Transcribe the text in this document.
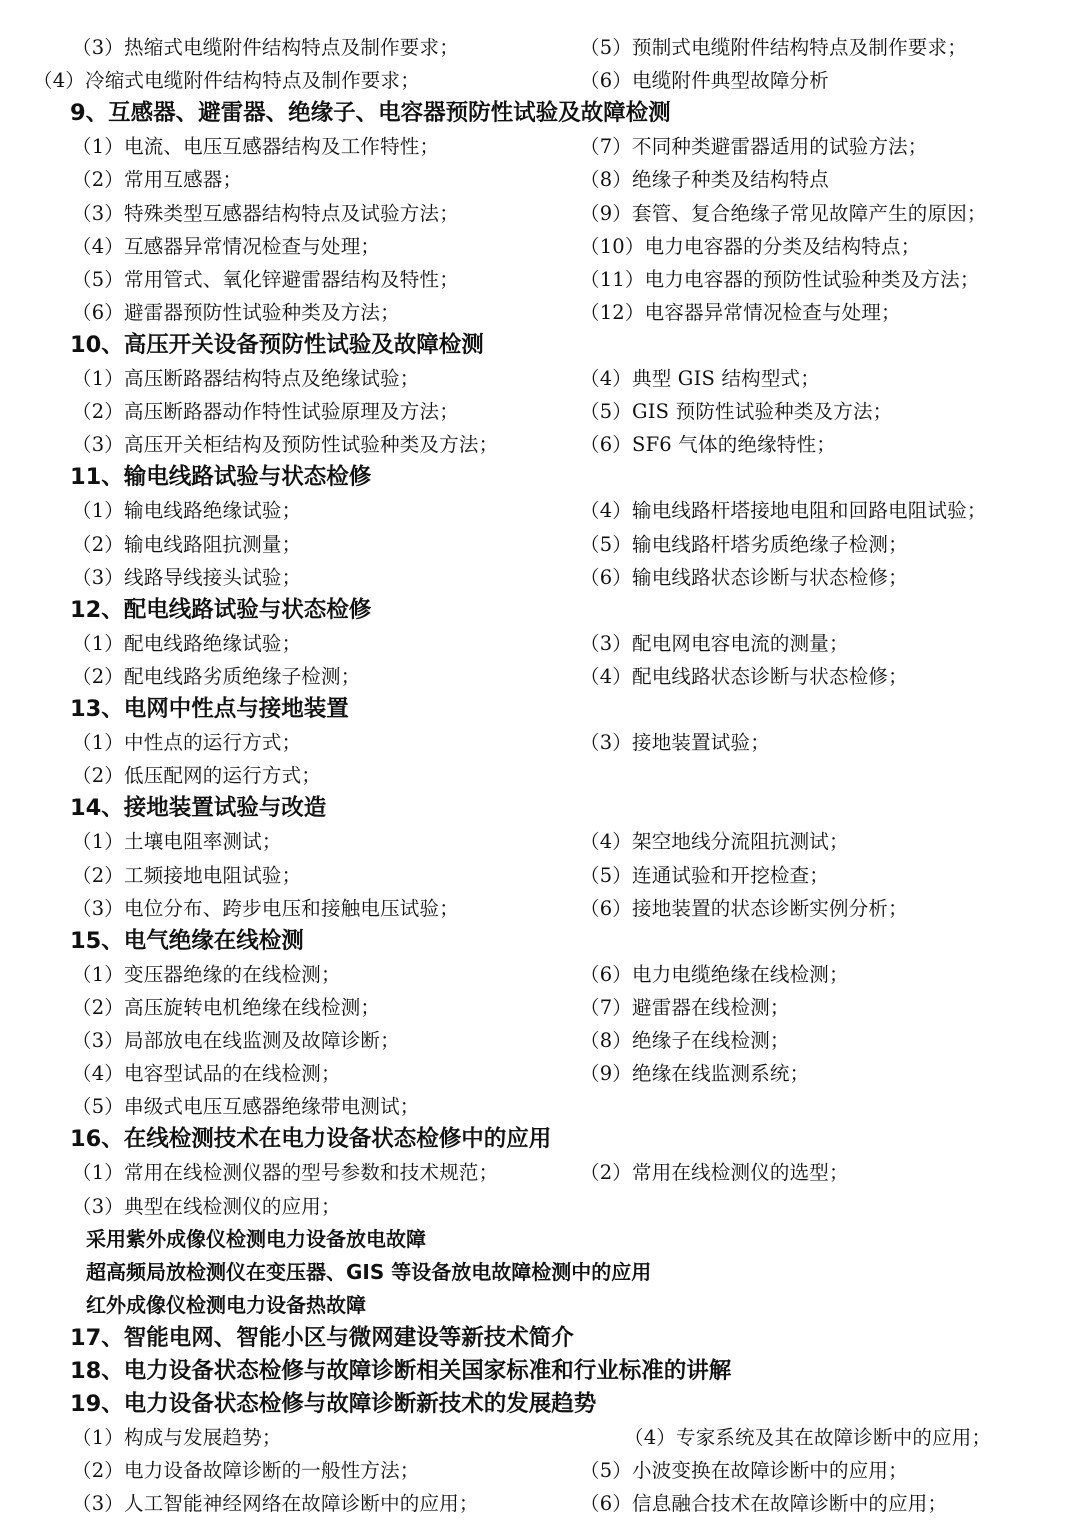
（3）热缩式电缆附件结构特点及制作要求；	（5）预制式电缆附件结构特点及制作要求；
（4）冷缩式电缆附件结构特点及制作要求；	（6）电缆附件典型故障分析
9、互感器、避雷器、绝缘子、电容器预防性试验及故障检测
（1）电流、电压互感器结构及工作特性；	（7）不同种类避雷器适用的试验方法；
（2）常用互感器；	（8）绝缘子种类及结构特点
（3）特殊类型互感器结构特点及试验方法；	（9）套管、复合绝缘子常见故障产生的原因；
（4）互感器异常情况检查与处理；	（10）电力电容器的分类及结构特点；
（5）常用管式、氧化锌避雷器结构及特性；	（11）电力电容器的预防性试验种类及方法；
（6）避雷器预防性试验种类及方法；	（12）电容器异常情况检查与处理；
10、高压开关设备预防性试验及故障检测
（1）高压断路器结构特点及绝缘试验；	（4）典型 GIS 结构型式；
（2）高压断路器动作特性试验原理及方法；	（5）GIS 预防性试验种类及方法；
（3）高压开关柜结构及预防性试验种类及方法；	（6）SF6 气体的绝缘特性；
11、输电线路试验与状态检修
（1）输电线路绝缘试验；	（4）输电线路杆塔接地电阻和回路电阻试验；
（2）输电线路阻抗测量；	（5）输电线路杆塔劣质绝缘子检测；
（3）线路导线接头试验；	（6）输电线路状态诊断与状态检修；
12、配电线路试验与状态检修
（1）配电线路绝缘试验；	（3）配电网电容电流的测量；
（2）配电线路劣质绝缘子检测；	（4）配电线路状态诊断与状态检修；
13、电网中性点与接地装置
（1）中性点的运行方式；	（3）接地装置试验；
（2）低压配网的运行方式；
14、接地装置试验与改造
（1）土壤电阻率测试；	（4）架空地线分流阻抗测试；
（2）工频接地电阻试验；	（5）连通试验和开挖检查；
（3）电位分布、跨步电压和接触电压试验；	（6）接地装置的状态诊断实例分析；
15、电气绝缘在线检测
（1）变压器绝缘的在线检测；	（6）电力电缆绝缘在线检测；
（2）高压旋转电机绝缘在线检测；	（7）避雷器在线检测；
（3）局部放电在线监测及故障诊断；	（8）绝缘子在线检测；
（4）电容型试品的在线检测；	（9）绝缘在线监测系统；
（5）串级式电压互感器绝缘带电测试；
16、在线检测技术在电力设备状态检修中的应用
（1）常用在线检测仪器的型号参数和技术规范；	（2）常用在线检测仪的选型；
（3）典型在线检测仪的应用；
采用紫外成像仪检测电力设备放电故障
超高频局放检测仪在变压器、GIS 等设备放电故障检测中的应用
红外成像仪检测电力设备热故障
17、智能电网、智能小区与微网建设等新技术简介
18、电力设备状态检修与故障诊断相关国家标准和行业标准的讲解
19、电力设备状态检修与故障诊断新技术的发展趋势
（1）构成与发展趋势；	（4）专家系统及其在故障诊断中的应用；
（2）电力设备故障诊断的一般性方法；	（5）小波变换在故障诊断中的应用；
（3）人工智能神经网络在故障诊断中的应用；	（6）信息融合技术在故障诊断中的应用；
